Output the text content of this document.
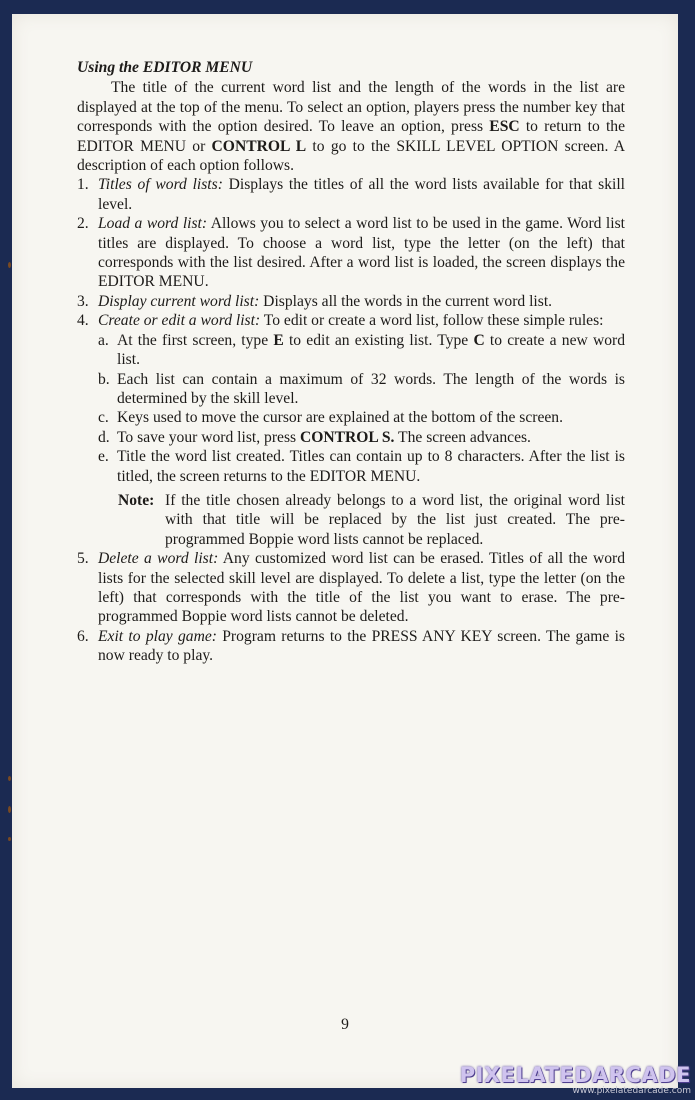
Using the EDITOR MENU

The title of the current word list and the length of the words in the list are displayed at the top of the menu. To select an option, players press the number key that corresponds with the option desired. To leave an option, press ESC to return to the EDITOR MENU or CONTROL L to go to the SKILL LEVEL OPTION screen. A description of each option follows.

1. Titles of word lists: Displays the titles of all the word lists available for that skill level.
2. Load a word list: Allows you to select a word list to be used in the game. Word list titles are displayed. To choose a word list, type the letter (on the left) that corresponds with the list desired. After a word list is loaded, the screen displays the EDITOR MENU.
3. Display current word list: Displays all the words in the current word list.
4. Create or edit a word list: To edit or create a word list, follow these simple rules:
a. At the first screen, type E to edit an existing list. Type C to create a new word list.
b. Each list can contain a maximum of 32 words. The length of the words is determined by the skill level.
c. Keys used to move the cursor are explained at the bottom of the screen.
d. To save your word list, press CONTROL S. The screen advances.
e. Title the word list created. Titles can contain up to 8 characters. After the list is titled, the screen returns to the EDITOR MENU.
Note: If the title chosen already belongs to a word list, the original word list with that title will be replaced by the list just created. The pre-programmed Boppie word lists cannot be replaced.
5. Delete a word list: Any customized word list can be erased. Titles of all the word lists for the selected skill level are displayed. To delete a list, type the letter (on the left) that corresponds with the title of the list you want to erase. The pre-programmed Boppie word lists cannot be deleted.
6. Exit to play game: Program returns to the PRESS ANY KEY screen. The game is now ready to play.
9
PIXELATEDARCADE
www.pixelatedarcade.com
